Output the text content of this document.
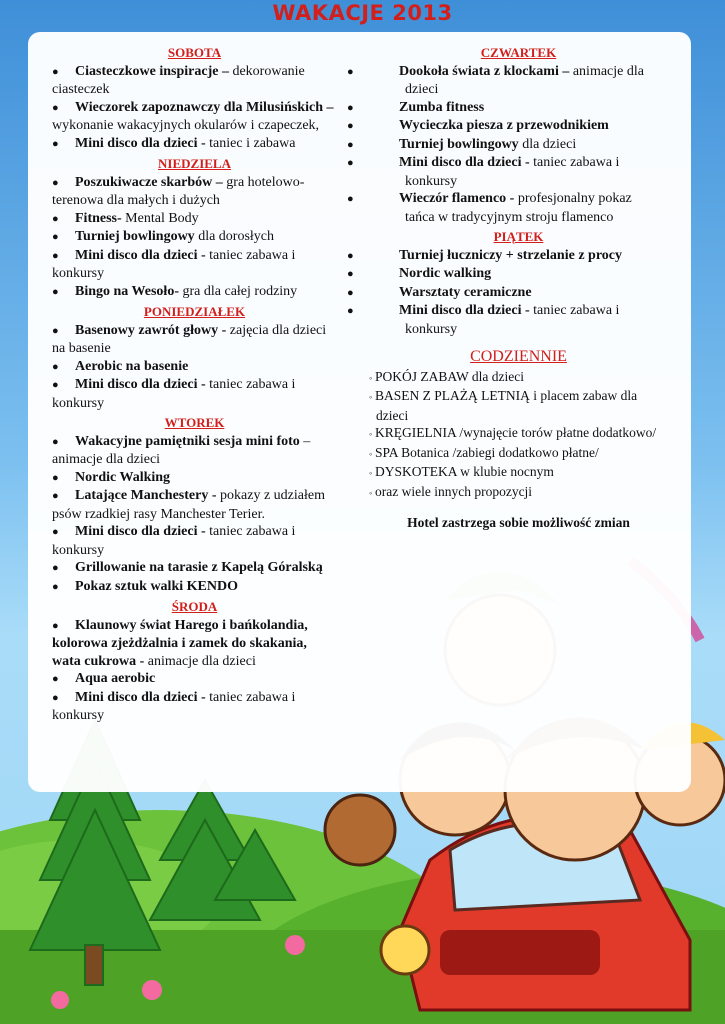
WAKACJE 2013
SOBOTA
● Ciasteczkowe inspiracje – dekorowanie ciasteczek
● Wieczorek zapoznawczy dla Milusińskich – wykonanie wakacyjnych okularów i czapeczek,
● Mini disco dla dzieci - taniec i zabawa
NIEDZIELA
● Poszukiwacze skarbów – gra hotelowo-terenowa dla małych i dużych
● Fitness- Mental Body
● Turniej bowlingowy dla dorosłych
● Mini disco dla dzieci - taniec zabawa i konkursy
● Bingo na Wesoło- gra dla całej rodziny
PONIEDZIAŁEK
● Basenowy zawrót głowy - zajęcia dla dzieci na basenie
● Aerobic na basenie
● Mini disco dla dzieci - taniec zabawa i konkursy
WTOREK
● Wakacyjne pamiętniki sesja mini foto – animacje dla dzieci
● Nordic Walking
● Latające Manchestery - pokazy z udziałem psów rzadkiej rasy Manchester Terier.
● Mini disco dla dzieci - taniec zabawa i konkursy
● Grillowanie na tarasie z Kapelą Góralską
● Pokaz sztuk walki KENDO
ŚRODA
● Klaunowy świat Harego i bańkolandia, kolorowa zjeżdżalnia i zamek do skakania, wata cukrowa - animacje dla dzieci
● Aqua aerobic
● Mini disco dla dzieci - taniec zabawa i konkursy
CZWARTEK
●	Dookoła świata z klockami – animacje dla dzieci
●	Zumba fitness
●	Wycieczka piesza z przewodnikiem
●	Turniej bowlingowy dla dzieci
●	Mini disco dla dzieci - taniec zabawa i konkursy
●	Wieczór flamenco - profesjonalny pokaz tańca w tradycyjnym stroju flamenco
PIĄTEK
●	Turniej łuczniczy + strzelanie z procy
●	Nordic walking
●	Warsztaty ceramiczne
●	Mini disco dla dzieci - taniec zabawa i konkursy
CODZIENNIE
◦ POKÓJ ZABAW dla dzieci
◦ BASEN Z PLAŻĄ LETNIĄ i placem zabaw dla dzieci
◦ KRĘGIELNIA /wynajęcie torów płatne dodatkowo/
◦ SPA Botanica /zabiegi dodatkowo płatne/
◦ DYSKOTEKA w klubie nocnym
◦ oraz wiele innych propozycji
Hotel zastrzega sobie możliwość zmian
